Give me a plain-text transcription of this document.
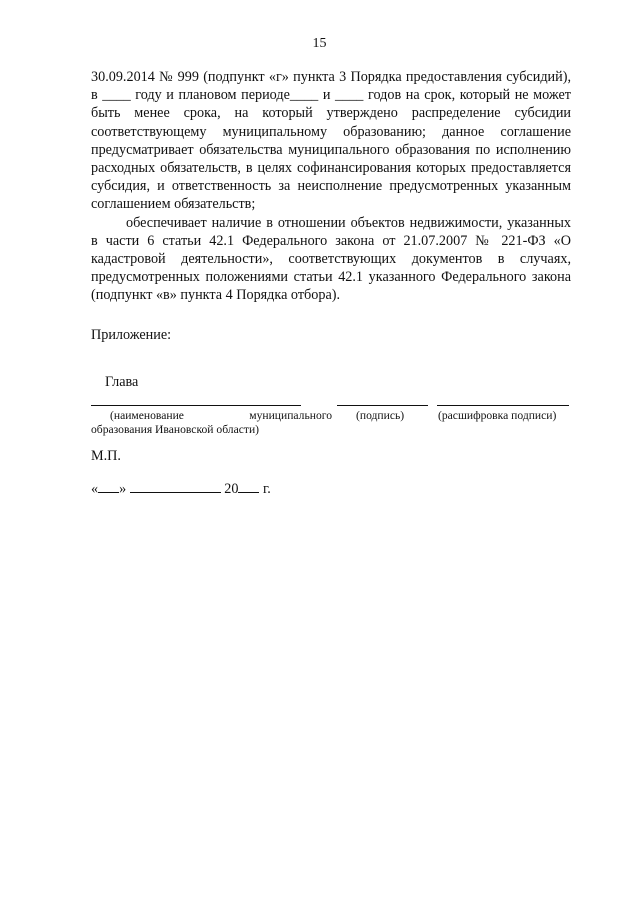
15

30.09.2014 № 999 (подпункт «г» пункта 3 Порядка предоставления субсидий), в ____ году и плановом периоде____ и ____ годов на срок, который не может быть менее срока, на который утверждено распределение субсидии соответствующему муниципальному образованию; данное соглашение предусматривает обязательства муниципального образования по исполнению расходных обязательств, в целях софинансирования которых предоставляется субсидия, и ответственность за неисполнение предусмотренных указанным соглашением обязательств;

обеспечивает наличие в отношении объектов недвижимости, указанных в части 6 статьи 42.1 Федерального закона от 21.07.2007 № 221-ФЗ «О кадастровой деятельности», соответствующих документов в случаях, предусмотренных положениями статьи 42.1 указанного Федерального закона (подпункт «в» пункта 4 Порядка отбора).

Приложение:
Глава
(наименование муниципального
образования Ивановской области)
(подпись)	(расшифровка подписи)
М.П.
« »	20 г.
